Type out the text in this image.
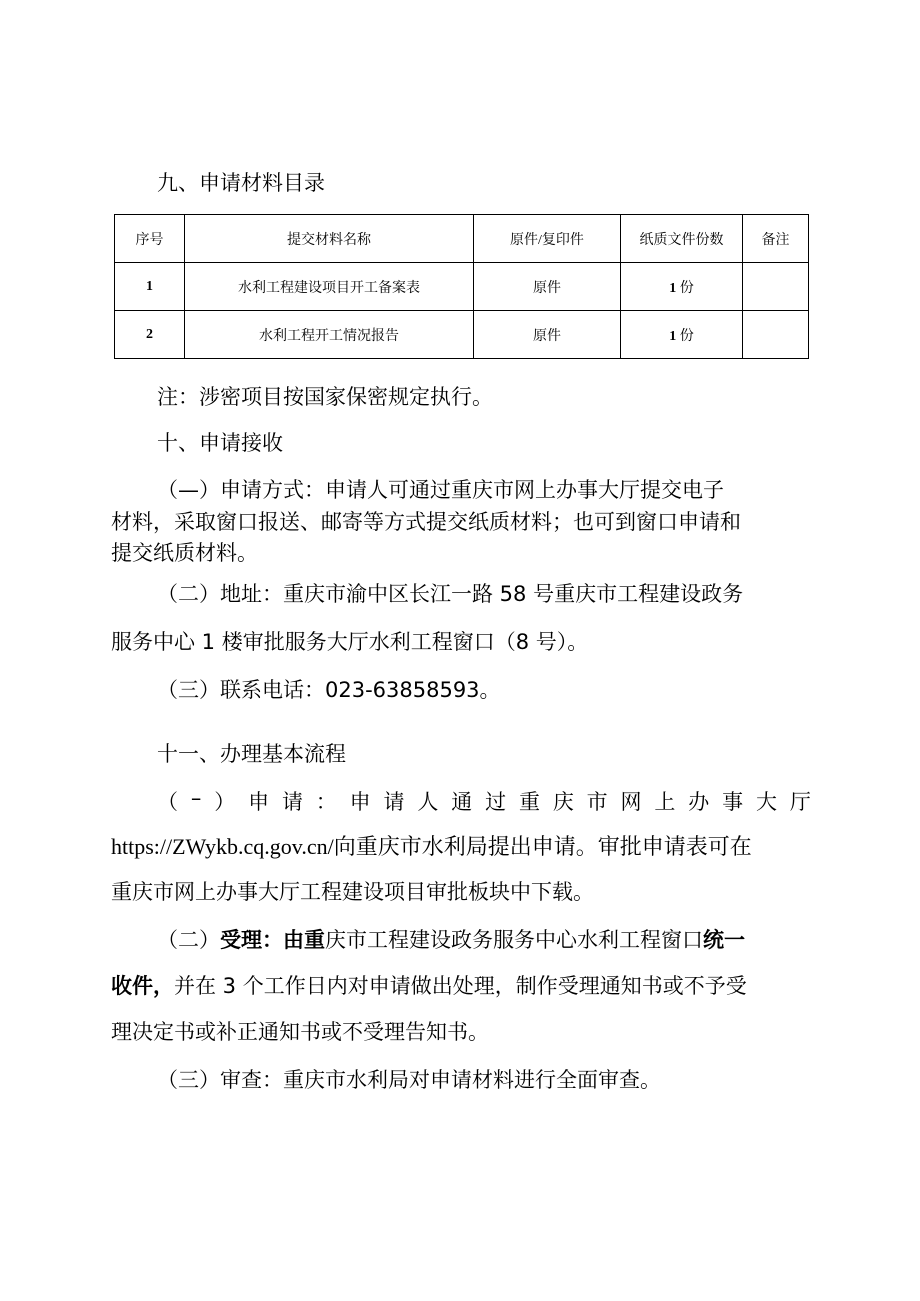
九、申请材料目录
序号	提交材料名称	原件/复印件	纸质文件份数	备注
1	水利工程建设项目开工备案表	原件	1 份	
2	水利工程开工情况报告	原件	1 份	
注：涉密项目按国家保密规定执行。
十、申请接收
（—）申请方式：申请人可通过重庆市网上办事大厅提交电子
材料，采取窗口报送、邮寄等方式提交纸质材料；也可到窗口申请和
提交纸质材料。
（二）地址：重庆市渝中区长江一路 58 号重庆市工程建设政务
服务中心 1 楼审批服务大厅水利工程窗口（8 号）。
（三）联系电话：023-63858593。
十一、办理基本流程
（ – ） 申 请 ： 申 请 人 通 过 重 庆 市 网 上 办 事 大 厅
https://ZWykb.cq.gov.cn/向重庆市水利局提出申请。审批申请表可在
重庆市网上办事大厅工程建设项目审批板块中下载。
（二）受理：由重庆市工程建设政务服务中心水利工程窗口统一
收件，并在 3 个工作日内对申请做出处理，制作受理通知书或不予受
理决定书或补正通知书或不受理告知书。
（三）审查：重庆市水利局对申请材料进行全面审查。
